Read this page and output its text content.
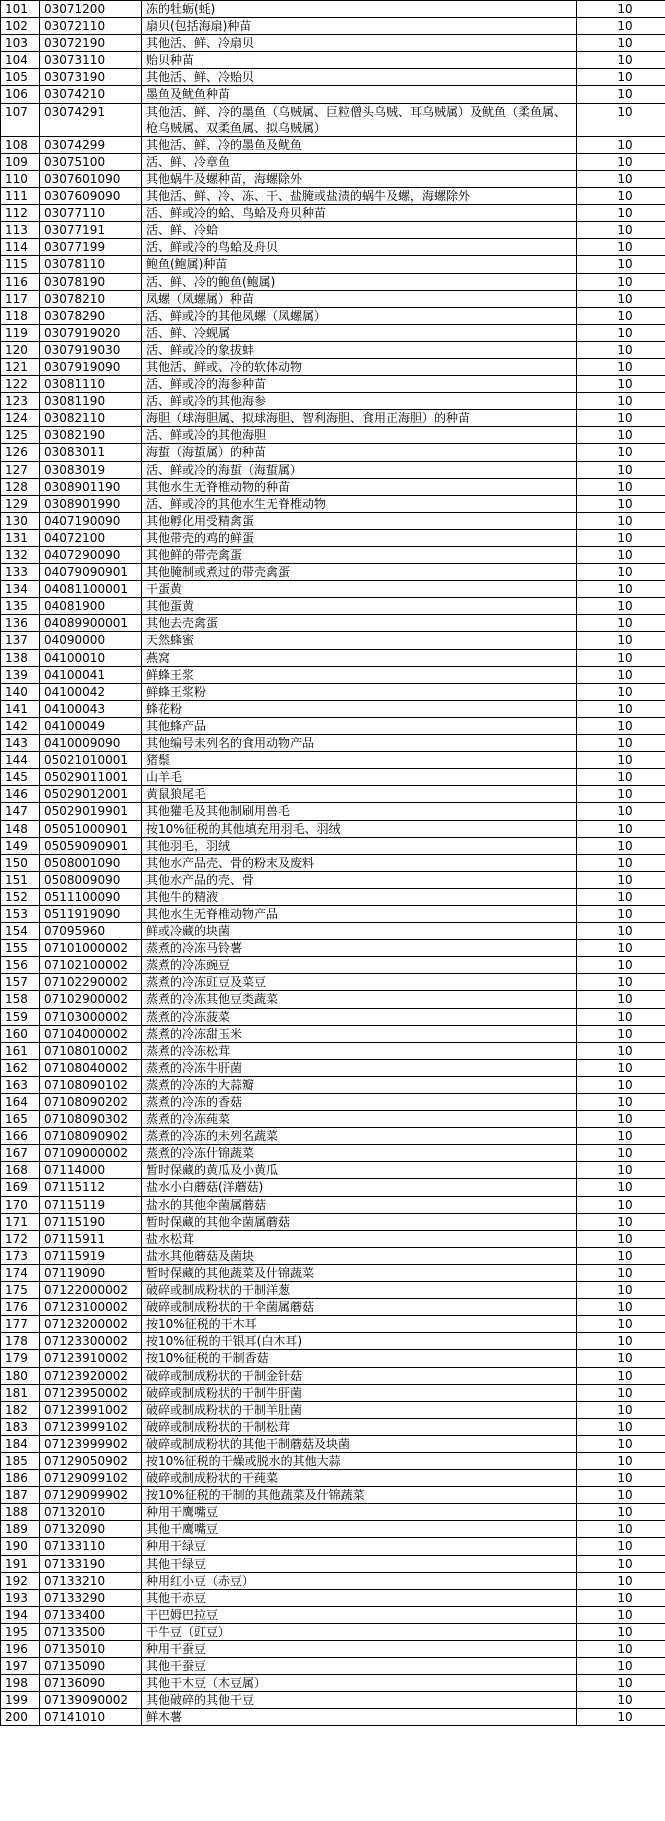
101	03071200	冻的牡蛎(蚝)	10
102	03072110	扇贝(包括海扇)种苗	10
103	03072190	其他活、鲜、冷扇贝	10
104	03073110	贻贝种苗	10
105	03073190	其他活、鲜、冷贻贝	10
106	03074210	墨鱼及鱿鱼种苗	10
107	03074291	其他活、鲜、冷的墨鱼（乌贼属、巨粒僧头乌贼、耳乌贼属）及鱿鱼（柔鱼属、枪乌贼属、双柔鱼属、拟乌贼属）	10
108	03074299	其他活、鲜、冷的墨鱼及鱿鱼	10
109	03075100	活、鲜、冷章鱼	10
110	0307601090	其他蜗牛及螺种苗，海螺除外	10
111	0307609090	其他活、鲜、冷、冻、干、盐腌或盐渍的蜗牛及螺，海螺除外	10
112	03077110	活、鲜或冷的蛤、鸟蛤及舟贝种苗	10
113	03077191	活、鲜、冷蛤	10
114	03077199	活、鲜或冷的鸟蛤及舟贝	10
115	03078110	鲍鱼(鲍属)种苗	10
116	03078190	活、鲜、冷的鲍鱼(鲍属)	10
117	03078210	凤螺（凤螺属）种苗	10
118	03078290	活、鲜或冷的其他凤螺（凤螺属）	10
119	0307919020	活、鲜、冷蚬属	10
120	0307919030	活、鲜或冷的象拔蚌	10
121	0307919090	其他活、鲜或、冷的软体动物	10
122	03081110	活、鲜或冷的海参种苗	10
123	03081190	活、鲜或冷的其他海参	10
124	03082110	海胆（球海胆属、拟球海胆、智利海胆、食用正海胆）的种苗	10
125	03082190	活、鲜或冷的其他海胆	10
126	03083011	海蜇（海蜇属）的种苗	10
127	03083019	活、鲜或冷的海蜇（海蜇属）	10
128	0308901190	其他水生无脊椎动物的种苗	10
129	0308901990	活、鲜或冷的其他水生无脊椎动物	10
130	0407190090	其他孵化用受精禽蛋	10
131	04072100	其他带壳的鸡的鲜蛋	10
132	0407290090	其他鲜的带壳禽蛋	10
133	04079090901	其他腌制或煮过的带壳禽蛋	10
134	04081100001	干蛋黄	10
135	04081900	其他蛋黄	10
136	04089900001	其他去壳禽蛋	10
137	04090000	天然蜂蜜	10
138	04100010	燕窝	10
139	04100041	鲜蜂王浆	10
140	04100042	鲜蜂王浆粉	10
141	04100043	蜂花粉	10
142	04100049	其他蜂产品	10
143	0410009090	其他编号未列名的食用动物产品	10
144	05021010001	猪鬃	10
145	05029011001	山羊毛	10
146	05029012001	黄鼠狼尾毛	10
147	05029019901	其他獾毛及其他制刷用兽毛	10
148	05051000901	按10%征税的其他填充用羽毛、羽绒	10
149	05059090901	其他羽毛，羽绒	10
150	0508001090	其他水产品壳、骨的粉末及废料	10
151	0508009090	其他水产品的壳、骨	10
152	0511100090	其他牛的精液	10
153	0511919090	其他水生无脊椎动物产品	10
154	07095960	鲜或冷藏的块菌	10
155	07101000002	蒸煮的冷冻马铃薯	10
156	07102100002	蒸煮的冷冻豌豆	10
157	07102290002	蒸煮的冷冻豇豆及菜豆	10
158	07102900002	蒸煮的冷冻其他豆类蔬菜	10
159	07103000002	蒸煮的冷冻菠菜	10
160	07104000002	蒸煮的冷冻甜玉米	10
161	07108010002	蒸煮的冷冻松茸	10
162	07108040002	蒸煮的冷冻牛肝菌	10
163	07108090102	蒸煮的冷冻的大蒜瓣	10
164	07108090202	蒸煮的冷冻的香菇	10
165	07108090302	蒸煮的冷冻莼菜	10
166	07108090902	蒸煮的冷冻的未列名蔬菜	10
167	07109000002	蒸煮的冷冻什锦蔬菜	10
168	07114000	暂时保藏的黄瓜及小黄瓜	10
169	07115112	盐水小白蘑菇(洋蘑菇)	10
170	07115119	盐水的其他伞菌属蘑菇	10
171	07115190	暂时保藏的其他伞菌属蘑菇	10
172	07115911	盐水松茸	10
173	07115919	盐水其他蘑菇及菌块	10
174	07119090	暂时保藏的其他蔬菜及什锦蔬菜	10
175	07122000002	破碎或制成粉状的干制洋葱	10
176	07123100002	破碎或制成粉状的干伞菌属蘑菇	10
177	07123200002	按10%征税的干木耳	10
178	07123300002	按10%征税的干银耳(白木耳)	10
179	07123910002	按10%征税的干制香菇	10
180	07123920002	破碎或制成粉状的干制金针菇	10
181	07123950002	破碎或制成粉状的干制牛肝菌	10
182	07123991002	破碎或制成粉状的干制羊肚菌	10
183	07123999102	破碎或制成粉状的干制松茸	10
184	07123999902	破碎或制成粉状的其他干制蘑菇及块菌	10
185	07129050902	按10%征税的干燥或脱水的其他大蒜	10
186	07129099102	破碎或制成粉状的干莼菜	10
187	07129099902	按10%征税的干制的其他蔬菜及什锦蔬菜	10
188	07132010	种用干鹰嘴豆	10
189	07132090	其他干鹰嘴豆	10
190	07133110	种用干绿豆	10
191	07133190	其他干绿豆	10
192	07133210	种用红小豆（赤豆）	10
193	07133290	其他干赤豆	10
194	07133400	干巴姆巴拉豆	10
195	07133500	干牛豆（豇豆）	10
196	07135010	种用干蚕豆	10
197	07135090	其他干蚕豆	10
198	07136090	其他干木豆（木豆属）	10
199	07139090002	其他破碎的其他干豆	10
200	07141010	鲜木薯	10
